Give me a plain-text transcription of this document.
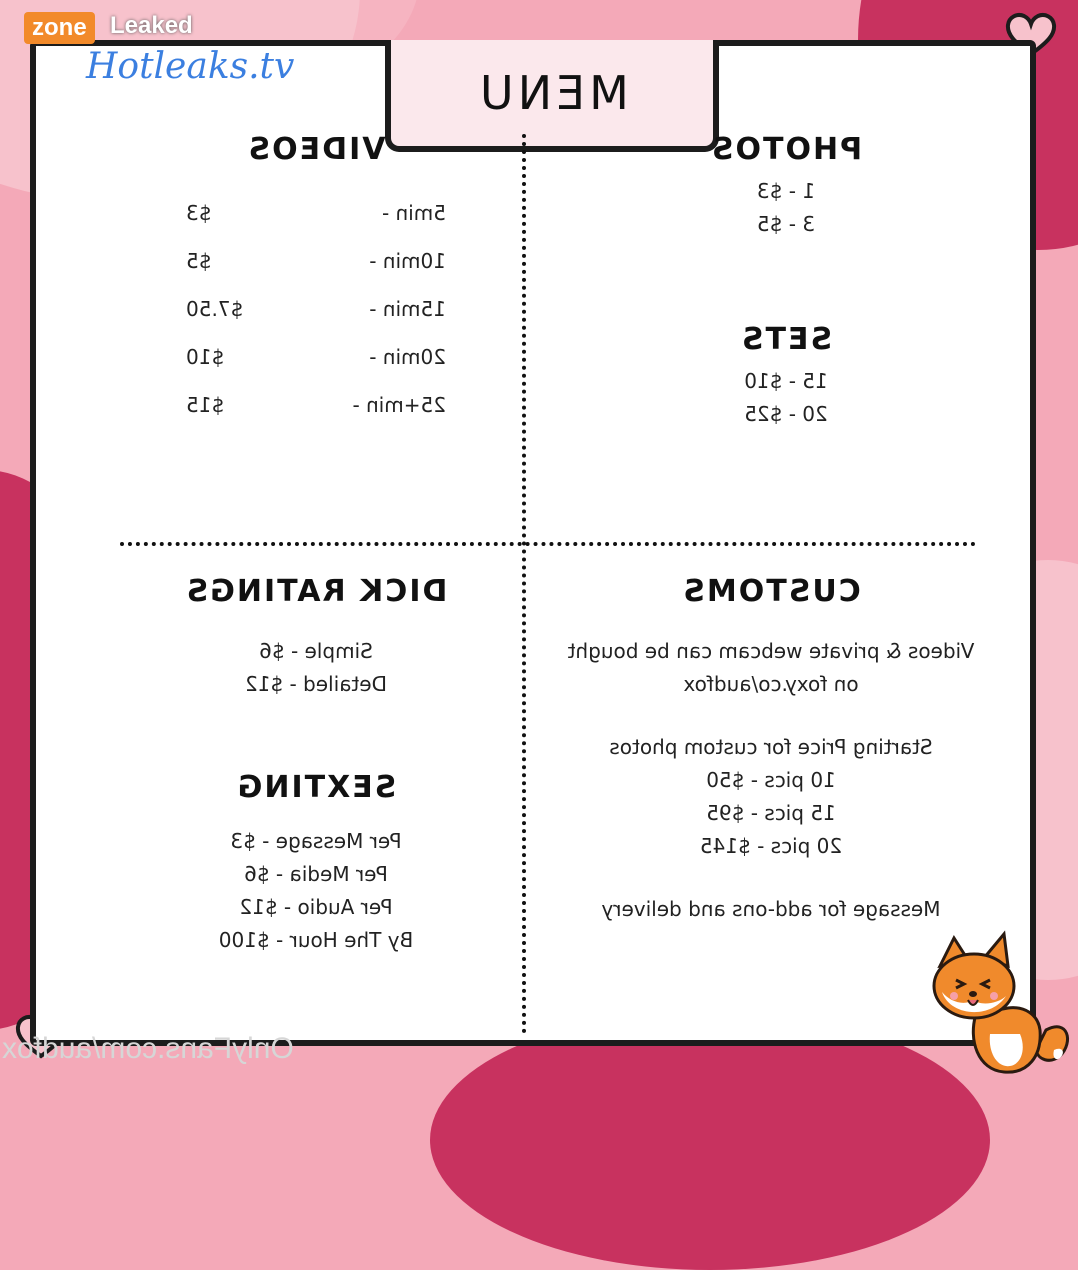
MENU
PHOTOS
1 - $3
3 - $5
SETS
15 - $10
20 - $25
VIDEOS
5min -
$3
10min -
$5
15min -
$7.50
20min -
$10
25+min -
$15
CUSTOMS
Videos & private webcam can be bought
on foxy.co/audfox
Starting Price for custom photos
10 pics - $50
15 pics - $95
20 pics - $145
Message for add-ons and delivery
DICK RATINGS
Simple - $6
Detailed - $12
SEXTING
Per Message - $3
Per Media - $6
Per Audio - $12
By The Hour - $100
zone Leaked
Hotleaks.tv
OnlyFans.com/audfox
